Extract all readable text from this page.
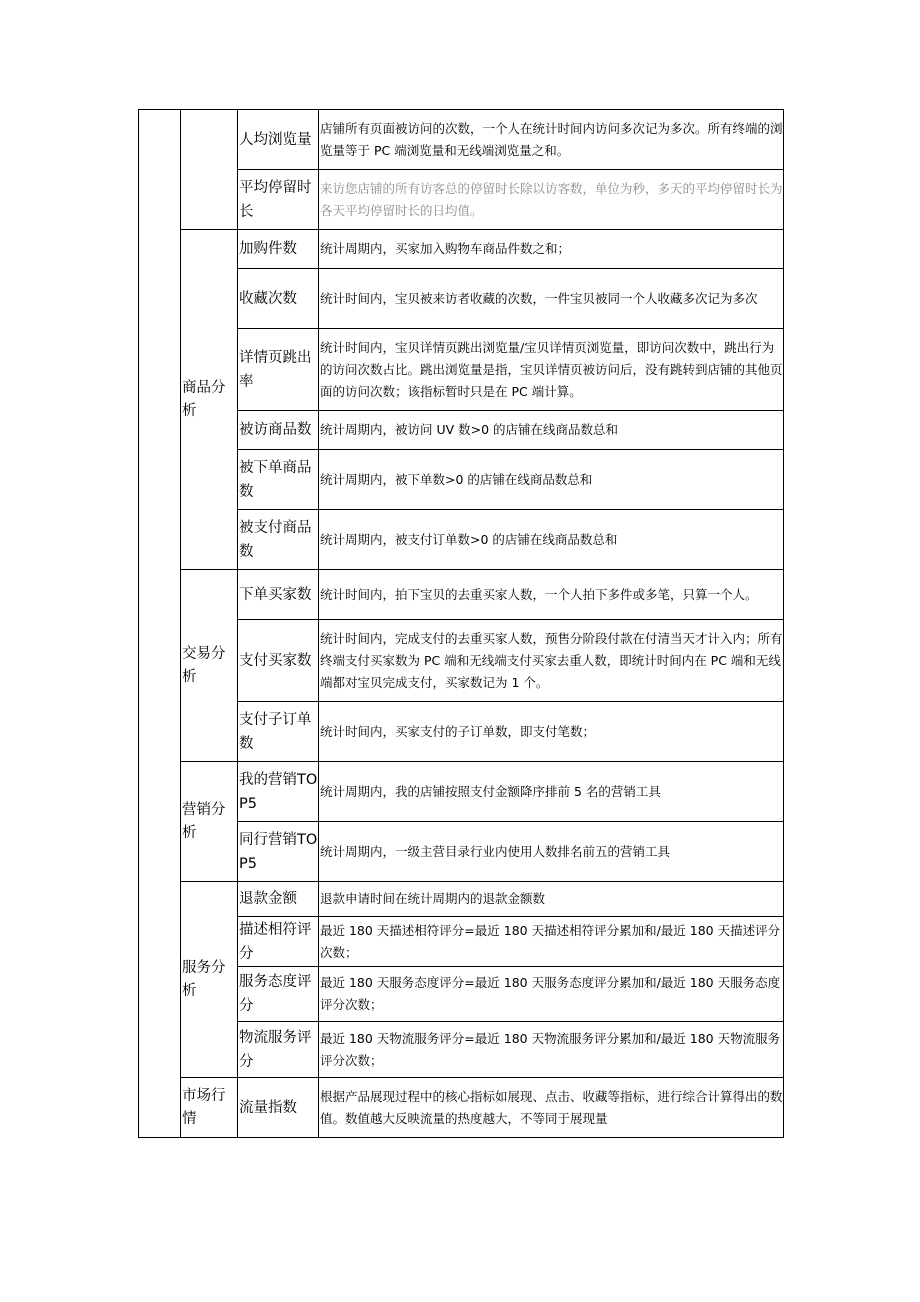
		人均浏览量	店铺所有页面被访问的次数，一个人在统计时间内访问多次记为多次。所有终端的浏览量等于 PC 端浏览量和无线端浏览量之和。
		平均停留时长	来访您店铺的所有访客总的停留时长除以访客数，单位为秒，多天的平均停留时长为各天平均停留时长的日均值。
	商品分析	加购件数	统计周期内，买家加入购物车商品件数之和；
		收藏次数	统计时间内，宝贝被来访者收藏的次数，一件宝贝被同一个人收藏多次记为多次
		详情页跳出率	统计时间内，宝贝详情页跳出浏览量/宝贝详情页浏览量，即访问次数中，跳出行为的访问次数占比。跳出浏览量是指，宝贝详情页被访问后，没有跳转到店铺的其他页面的访问次数；该指标暂时只是在 PC 端计算。
		被访商品数	统计周期内，被访问 UV 数>0 的店铺在线商品数总和
		被下单商品数	统计周期内，被下单数>0 的店铺在线商品数总和
		被支付商品数	统计周期内，被支付订单数>0 的店铺在线商品数总和
	交易分析	下单买家数	统计时间内，拍下宝贝的去重买家人数，一个人拍下多件或多笔，只算一个人。
		支付买家数	统计时间内，完成支付的去重买家人数，预售分阶段付款在付清当天才计入内；所有终端支付买家数为 PC 端和无线端支付买家去重人数，即统计时间内在 PC 端和无线端都对宝贝完成支付，买家数记为 1 个。
		支付子订单数	统计时间内，买家支付的子订单数，即支付笔数；
	营销分析	我的营销TOP5	统计周期内，我的店铺按照支付金额降序排前 5 名的营销工具
		同行营销TOP5	统计周期内，一级主营目录行业内使用人数排名前五的营销工具
	服务分析	退款金额	退款申请时间在统计周期内的退款金额数
		描述相符评分	最近 180 天描述相符评分=最近 180 天描述相符评分累加和/最近 180 天描述评分次数；
		服务态度评分	最近 180 天服务态度评分=最近 180 天服务态度评分累加和/最近 180 天服务态度评分次数；
		物流服务评分	最近 180 天物流服务评分=最近 180 天物流服务评分累加和/最近 180 天物流服务评分次数；
	市场行情	流量指数	根据产品展现过程中的核心指标如展现、点击、收藏等指标，进行综合计算得出的数值。数值越大反映流量的热度越大，不等同于展现量
